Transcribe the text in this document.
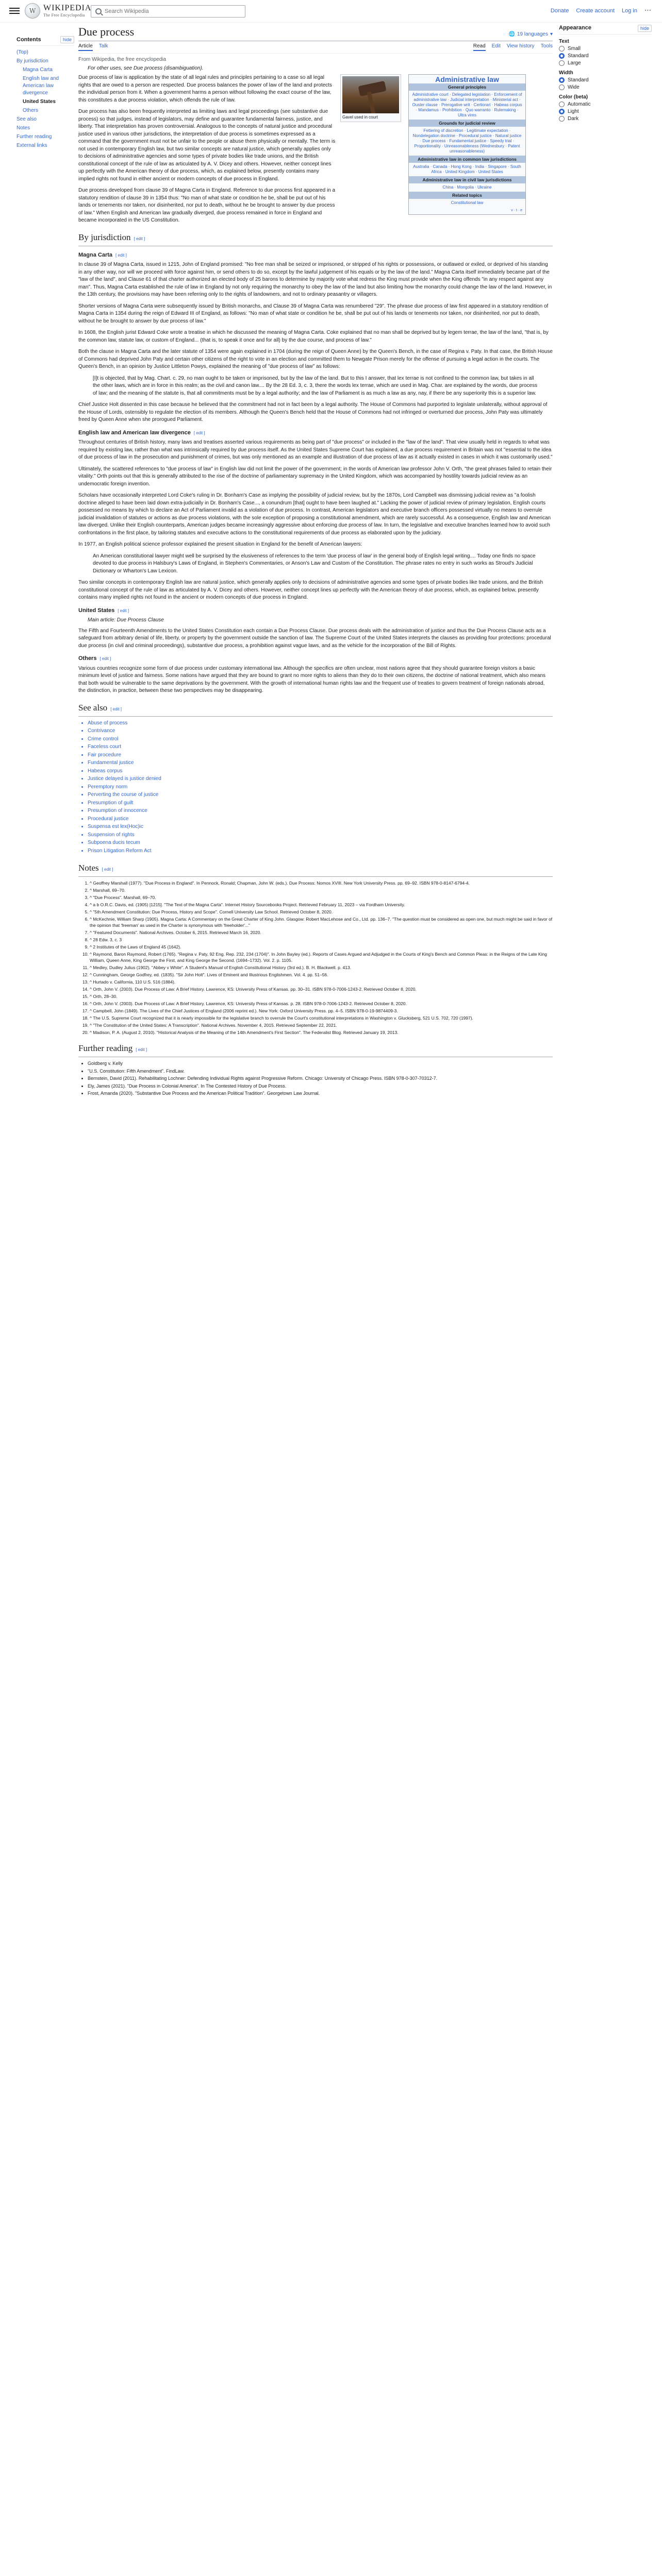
W WIKIPEDIA
The Free Encyclopedia
Search Wikipedia
Donate Create account Log in ⋯
Contents	hide
(Top)
By jurisdiction
Magna Carta
English law and American law divergence
United States
Others
See also
Notes
Further reading
External links
Due process	🌐 19 languages ▾
Article Talk	Read Edit View history Tools
From Wikipedia, the free encyclopedia
For other uses, see Due process (disambiguation).

Due process of law is application by the state of all legal rules and principles pertaining to a case so all legal rights that are owed to a person are respected. Due process balances the power of law of the land and protects the individual person from it. When a government harms a person without following the exact course of the law, this constitutes a due process violation, which offends the rule of law.

Due process has also been frequently interpreted as limiting laws and legal proceedings (see substantive due process) so that judges, instead of legislators, may define and guarantee fundamental fairness, justice, and liberty. That interpretation has proven controversial. Analogous to the concepts of natural justice and procedural justice used in various other jurisdictions, the interpretation of due process is sometimes expressed as a command that the government must not be unfair to the people or abuse them physically or mentally. The term is not used in contemporary English law, but two similar concepts are natural justice, which generally applies only to decisions of administrative agencies and some types of private bodies like trade unions, and the British constitutional concept of the rule of law as articulated by A. V. Dicey and others. However, neither concept lines up perfectly with the American theory of due process, which, as explained below, presently contains many implied rights not found in either ancient or modern concepts of due process in England.

Due process developed from clause 39 of Magna Carta in England. Reference to due process first appeared in a statutory rendition of clause 39 in 1354 thus: "No man of what state or condition he be, shall be put out of his lands or tenements nor taken, nor disinherited, nor put to death, without he be brought to answer by due process of law." When English and American law gradually diverged, due process remained in force in England and became incorporated in the US Constitution.

Gavel used in court
Administrative law
General principles
Administrative court · Delegated legislation · Enforcement of administrative law · Judicial interpretation · Ministerial act · Ouster clause · Prerogative writ · Certiorari · Habeas corpus · Mandamus · Prohibition · Quo warranto · Rulemaking · Ultra vires
Grounds for judicial review
Fettering of discretion · Legitimate expectation · Nondelegation doctrine · Procedural justice · Natural justice · Due process · Fundamental justice · Speedy trial · Proportionality · Unreasonableness (Wednesbury · Patent unreasonableness)
Administrative law in common law jurisdictions
Australia · Canada · Hong Kong · India · Singapore · South Africa · United Kingdom · United States
Administrative law in civil law jurisdictions
China · Mongolia · Ukraine
Related topics
Constitutional law
v · t · e
By jurisdiction [ edit ]
Magna Carta [ edit ]

In clause 39 of Magna Carta, issued in 1215, John of England promised: "No free man shall be seized or imprisoned, or stripped of his rights or possessions, or outlawed or exiled, or deprived of his standing in any other way, nor will we proceed with force against him, or send others to do so, except by the lawful judgement of his equals or by the law of the land." Magna Carta itself immediately became part of the "law of the land", and Clause 61 of that charter authorized an elected body of 25 barons to determine by majority vote what redress the King must provide when the King offends "in any respect against any man". Thus, Magna Carta established the rule of law in England by not only requiring the monarchy to obey the law of the land but also limiting how the monarchy could change the law of the land. However, in the 13th century, the provisions may have been referring only to the rights of landowners, and not to ordinary peasantry or villagers.

Shorter versions of Magna Carta were subsequently issued by British monarchs, and Clause 39 of Magna Carta was renumbered "29". The phrase due process of law first appeared in a statutory rendition of Magna Carta in 1354 during the reign of Edward III of England, as follows: "No man of what state or condition he be, shall be put out of his lands or tenements nor taken, nor disinherited, nor put to death, without he be brought to answer by due process of law."

In 1608, the English jurist Edward Coke wrote a treatise in which he discussed the meaning of Magna Carta. Coke explained that no man shall be deprived but by legem terrae, the law of the land, "that is, by the common law, statute law, or custom of England... (that is, to speak it once and for all) by the due course, and process of law."

Both the clause in Magna Carta and the later statute of 1354 were again explained in 1704 (during the reign of Queen Anne) by the Queen's Bench, in the case of Regina v. Paty. In that case, the British House of Commons had deprived John Paty and certain other citizens of the right to vote in an election and committed them to Newgate Prison merely for the offense of pursuing a legal action in the courts. The Queen's Bench, in an opinion by Justice Littleton Powys, explained the meaning of "due process of law" as follows:

[I]t is objected, that by Mag. Chart. c. 29, no man ought to be taken or imprisoned, but by the law of the land. But to this I answer, that lex terrae is not confined to the common law, but takes in all the other laws, which are in force in this realm; as the civil and canon law.... By the 28 Ed. 3, c. 3, there the words lex terrae, which are used in Mag. Char. are explained by the words, due process of law; and the meaning of the statute is, that all commitments must be by a legal authority; and the law of Parliament is as much a law as any, nay, if there be any superiority this is a superior law.

Chief Justice Holt dissented in this case because he believed that the commitment had not in fact been by a legal authority. The House of Commons had purported to legislate unilaterally, without approval of the House of Lords, ostensibly to regulate the election of its members. Although the Queen's Bench held that the House of Commons had not infringed or overturned due process, John Paty was ultimately freed by Queen Anne when she prorogued Parliament.

English law and American law divergence [ edit ]

Throughout centuries of British history, many laws and treatises asserted various requirements as being part of "due process" or included in the "law of the land". That view usually held in regards to what was required by existing law, rather than what was intrinsically required by due process itself. As the United States Supreme Court has explained, a due process requirement in Britain was not "essential to the idea of due process of law in the prosecution and punishment of crimes, but was only mentioned as an example and illustration of due process of law as it actually existed in cases in which it was customarily used."

Ultimately, the scattered references to "due process of law" in English law did not limit the power of the government; in the words of American law professor John V. Orth, "the great phrases failed to retain their vitality." Orth points out that this is generally attributed to the rise of the doctrine of parliamentary supremacy in the United Kingdom, which was accompanied by hostility towards judicial review as an undemocratic foreign invention.

Scholars have occasionally interpreted Lord Coke's ruling in Dr. Bonham's Case as implying the possibility of judicial review, but by the 1870s, Lord Campbell was dismissing judicial review as "a foolish doctrine alleged to have been laid down extra-judicially in Dr. Bonham's Case..., a conundrum [that] ought to have been laughed at." Lacking the power of judicial review of primary legislation, English courts possessed no means by which to declare an Act of Parliament invalid as a violation of due process. In contrast, American legislators and executive branch officers possessed virtually no means to overrule judicial invalidation of statutes or actions as due process violations, with the sole exception of proposing a constitutional amendment, which are rarely successful. As a consequence, English law and American law diverged. Unlike their English counterparts, American judges became increasingly aggressive about enforcing due process of law. In turn, the legislative and executive branches learned how to avoid such confrontations in the first place, by tailoring statutes and executive actions to the constitutional requirements of due process as elaborated upon by the judiciary.

In 1977, an English political science professor explained the present situation in England for the benefit of American lawyers:

An American constitutional lawyer might well be surprised by the elusiveness of references to the term 'due process of law' in the general body of English legal writing.... Today one finds no space devoted to due process in Halsbury's Laws of England, in Stephen's Commentaries, or Anson's Law and Custom of the Constitution. The phrase rates no entry in such works as Stroud's Judicial Dictionary or Wharton's Law Lexicon.

Two similar concepts in contemporary English law are natural justice, which generally applies only to decisions of administrative agencies and some types of private bodies like trade unions, and the British constitutional concept of the rule of law as articulated by A. V. Dicey and others. However, neither concept lines up perfectly with the American theory of due process, which, as explained below, presently contains many implied rights not found in the ancient or modern concepts of due process in England.

United States [ edit ]
Main article: Due Process Clause

The Fifth and Fourteenth Amendments to the United States Constitution each contain a Due Process Clause. Due process deals with the administration of justice and thus the Due Process Clause acts as a safeguard from arbitrary denial of life, liberty, or property by the government outside the sanction of law. The Supreme Court of the United States interprets the clauses as providing four protections: procedural due process (in civil and criminal proceedings), substantive due process, a prohibition against vague laws, and as the vehicle for the incorporation of the Bill of Rights.

Others [ edit ]

Various countries recognize some form of due process under customary international law. Although the specifics are often unclear, most nations agree that they should guarantee foreign visitors a basic minimum level of justice and fairness. Some nations have argued that they are bound to grant no more rights to aliens than they do to their own citizens, the doctrine of national treatment, which also means that both would be vulnerable to the same deprivations by the government. With the growth of international human rights law and the frequent use of treaties to govern treatment of foreign nationals abroad, the distinction, in practice, between these two perspectives may be disappearing.

See also [ edit ]
• Abuse of process
• Contrivance
• Crime control
• Faceless court
• Fair procedure
• Fundamental justice
• Habeas corpus
• Justice delayed is justice denied
• Peremptory norm
• Perverting the course of justice
• Presumption of guilt
• Presumption of innocence
• Procedural justice
• Suspensa est lex(Hoc)ic
• Suspension of rights
• Subpoena ducis tecum
• Prison Litigation Reform Act
Notes [ edit ]
1. ^ Geoffrey Marshall (1977). "Due Process in England". In Pennock, Ronald; Chapman, John W. (eds.). Due Process: Nomos XVIII. New York University Press. pp. 69–92. ISBN 978-0-8147-6794-4.
2. ^ Marshall, 69–70.
3. ^ "Due Process". Marshall, 69–70.
4. ^ a b O.R.C. Davis, ed. (1905) [1215]. "The Text of the Magna Carta". Internet History Sourcebooks Project. Retrieved February 11, 2023 – via Fordham University.
5. ^ "5th Amendment Constitution: Due Process, History and Scope". Cornell University Law School. Retrieved October 8, 2020.
6. ^ McKechnie, William Sharp (1905). Magna Carta: A Commentary on the Great Charter of King John. Glasgow: Robert MacLehose and Co., Ltd. pp. 136–7. "The question must be considered as open one, but much might be said in favor of the opinion that 'freeman' as used in the Charter is synonymous with 'freeholder'..."
7. ^ "Featured Documents". National Archives. October 6, 2015. Retrieved March 16, 2020.
8. ^ 28 Edw. 3, c. 3
9. ^ 2 Institutes of the Laws of England 45 (1642).
10. ^ Raymond, Baron Raymond, Robert (1765). "Regina v. Paty, 92 Eng. Rep. 232, 234 (1704)". In John Bayley (ed.). Reports of Cases Argued and Adjudged in the Courts of King's Bench and Common Pleas: in the Reigns of the Late King William, Queen Anne, King George the First, and King George the Second. (1694–1732). Vol. 2. p. 1105.
11. ^ Medley, Dudley Julius (1902). "Abbey v White". A Student's Manual of English Constitutional History (3rd ed.). B. H. Blackwell. p. 413.
12. ^ Cunningham, George Godfrey, ed. (1835). "Sir John Holt". Lives of Eminent and Illustrious Englishmen. Vol. 4. pp. 51–56.
13. ^ Hurtado v. California, 110 U.S. 516 (1884).
14. ^ Orth, John V. (2003). Due Process of Law: A Brief History. Lawrence, KS: University Press of Kansas. pp. 30–31. ISBN 978-0-7006-1243-2. Retrieved October 8, 2020.
15. ^ Orth, 28–30.
16. ^ Orth, John V. (2003). Due Process of Law: A Brief History. Lawrence, KS: University Press of Kansas. p. 28. ISBN 978-0-7006-1243-2. Retrieved October 8, 2020.
17. ^ Campbell, John (1849). The Lives of the Chief Justices of England (2006 reprint ed.). New York: Oxford University Press. pp. 4–5. ISBN 978-0-19-9874409-3.
18. ^ The U.S. Supreme Court recognized that it is nearly impossible for the legislative branch to overrule the Court's constitutional interpretations in Washington v. Glucksberg, 521 U.S. 702, 720 (1997).
19. ^ "The Constitution of the United States: A Transcription". National Archives. November 4, 2015. Retrieved September 22, 2021.
20. ^ Madison, P. A. (August 2, 2010). "Historical Analysis of the Meaning of the 14th Amendment's First Section". The Federalist Blog. Retrieved January 19, 2013.
Further reading [ edit ]
• Goldberg v. Kelly
• "U.S. Constitution: Fifth Amendment". FindLaw.
• Bernstein, David (2011). Rehabilitating Lochner: Defending Individual Rights against Progressive Reform. Chicago: University of Chicago Press. ISBN 978-0-307-70312-7.
• Ely, James (2021). "Due Process in Colonial America". In The Contested History of Due Process.
• Frost, Amanda (2020). "Substantive Due Process and the American Political Tradition". Georgetown Law Journal.
Appearance	hide
Text
Small
Standard
Large
Width
Standard
Wide
Color (beta)
Automatic
Light
Dark
